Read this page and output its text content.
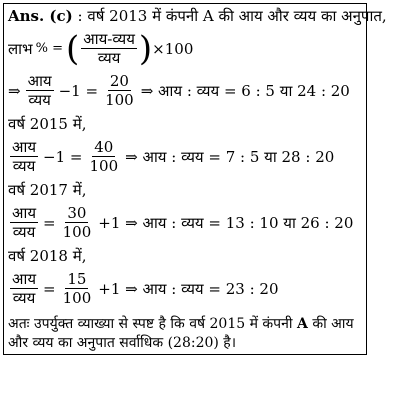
Ans. (c) : वर्ष 2013 में कंपनी A की आय और व्यय का अनुपात,
लाभ % = ( $\frac{\text{आय-व्यय}}{\text{व्यय}}$ ) ×100
⇒ $\frac{\text{आय}}{\text{व्यय}} -1 = \frac{20}{100}$ ⇒ आय : व्यय = 6 : 5 या 24 : 20
वर्ष 2015 में,
$\frac{\text{आय}}{\text{व्यय}} -1 = \frac{40}{100}$ ⇒ आय : व्यय = 7 : 5 या 28 : 20
वर्ष 2017 में,
$\frac{\text{आय}}{\text{व्यय}} = \frac{30}{100} +1$ ⇒ आय : व्यय = 13 : 10 या 26 : 20
वर्ष 2018 में,
$\frac{\text{आय}}{\text{व्यय}} = \frac{15}{100} +1$ ⇒ आय : व्यय = 23 : 20
अतः उपर्युक्त व्याख्या से स्पष्ट है कि वर्ष 2015 में कंपनी A की आय
और व्यय का अनुपात सर्वाधिक (28:20) है।
